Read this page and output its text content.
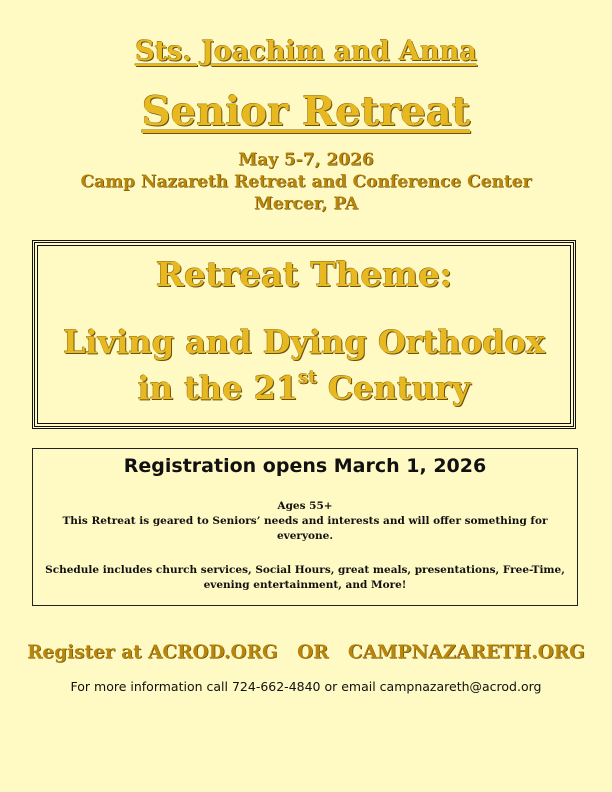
Sts. Joachim and Anna
Senior Retreat
May 5-7, 2026
Camp Nazareth Retreat and Conference Center
Mercer, PA
Retreat Theme:
Living and Dying Orthodox
in the 21st Century
Registration opens March 1, 2026
Ages 55+
This Retreat is geared to Seniors’ needs and interests and will offer something for everyone.
Schedule includes church services, Social Hours, great meals, presentations, Free-Time, evening entertainment, and More!
Register at ACROD.ORG   OR   CAMPNAZARETH.ORG
For more information call 724-662-4840 or email campnazareth@acrod.org
